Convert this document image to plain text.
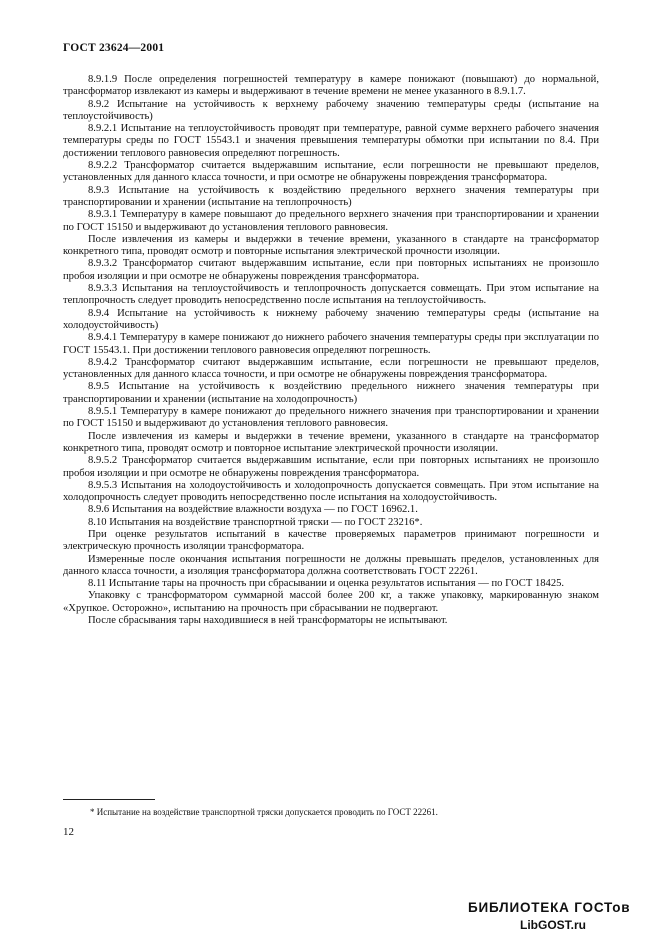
ГОСТ 23624—2001

8.9.1.9 После определения погрешностей температуру в камере понижают (повышают) до нормальной, трансформатор извлекают из камеры и выдерживают в течение времени не менее указанного в 8.9.1.7.

8.9.2 Испытание на устойчивость к верхнему рабочему значению температуры среды (испытание на теплоустойчивость)

8.9.2.1 Испытание на теплоустойчивость проводят при температуре, равной сумме верхнего рабочего значения температуры среды по ГОСТ 15543.1 и значения превышения температуры обмотки при испытании по 8.4. При достижении теплового равновесия определяют погрешность.

8.9.2.2 Трансформатор считается выдержавшим испытание, если погрешности не превышают пределов, установленных для данного класса точности, и при осмотре не обнаружены повреждения трансформатора.

8.9.3 Испытание на устойчивость к воздействию предельного верхнего значения температуры при транспортировании и хранении (испытание на теплопрочность)

8.9.3.1 Температуру в камере повышают до предельного верхнего значения при транспортировании и хранении по ГОСТ 15150 и выдерживают до установления теплового равновесия.

После извлечения из камеры и выдержки в течение времени, указанного в стандарте на трансформатор конкретного типа, проводят осмотр и повторные испытания электрической прочности изоляции.

8.9.3.2 Трансформатор считают выдержавшим испытание, если при повторных испытаниях не произошло пробоя изоляции и при осмотре не обнаружены повреждения трансформатора.

8.9.3.3 Испытания на теплоустойчивость и теплопрочность допускается совмещать. При этом испытание на теплопрочность следует проводить непосредственно после испытания на теплоустойчивость.

8.9.4 Испытание на устойчивость к нижнему рабочему значению температуры среды (испытание на холодоустойчивость)

8.9.4.1 Температуру в камере понижают до нижнего рабочего значения температуры среды при эксплуатации по ГОСТ 15543.1. При достижении теплового равновесия определяют погрешность.

8.9.4.2 Трансформатор считают выдержавшим испытание, если погрешности не превышают пределов, установленных для данного класса точности, и при осмотре не обнаружены повреждения трансформатора.

8.9.5 Испытание на устойчивость к воздействию предельного нижнего значения температуры при транспортировании и хранении (испытание на холодопрочность)

8.9.5.1 Температуру в камере понижают до предельного нижнего значения при транспортировании и хранении по ГОСТ 15150 и выдерживают до установления теплового равновесия.

После извлечения из камеры и выдержки в течение времени, указанного в стандарте на трансформатор конкретного типа, проводят осмотр и повторное испытание электрической прочности изоляции.

8.9.5.2 Трансформатор считается выдержавшим испытание, если при повторных испытаниях не произошло пробоя изоляции и при осмотре не обнаружены повреждения трансформатора.

8.9.5.3 Испытания на холодоустойчивость и холодопрочность допускается совмещать. При этом испытание на холодопрочность следует проводить непосредственно после испытания на холодоустойчивость.

8.9.6 Испытания на воздействие влажности воздуха — по ГОСТ 16962.1.

8.10 Испытания на воздействие транспортной тряски — по ГОСТ 23216*.

При оценке результатов испытаний в качестве проверяемых параметров принимают погрешности и электрическую прочность изоляции трансформатора.

Измеренные после окончания испытания погрешности не должны превышать пределов, установленных для данного класса точности, а изоляция трансформатора должна соответствовать ГОСТ 22261.

8.11 Испытание тары на прочность при сбрасывании и оценка результатов испытания — по ГОСТ 18425.

Упаковку с трансформатором суммарной массой более 200 кг, а также упаковку, маркированную знаком «Хрупкое. Осторожно», испытанию на прочность при сбрасывании не подвергают.

После сбрасывания тары находившиеся в ней трансформаторы не испытывают.

* Испытание на воздействие транспортной тряски допускается проводить по ГОСТ 22261.
12
БИБЛИОТЕКА ГОСТов
LibGOST.ru
